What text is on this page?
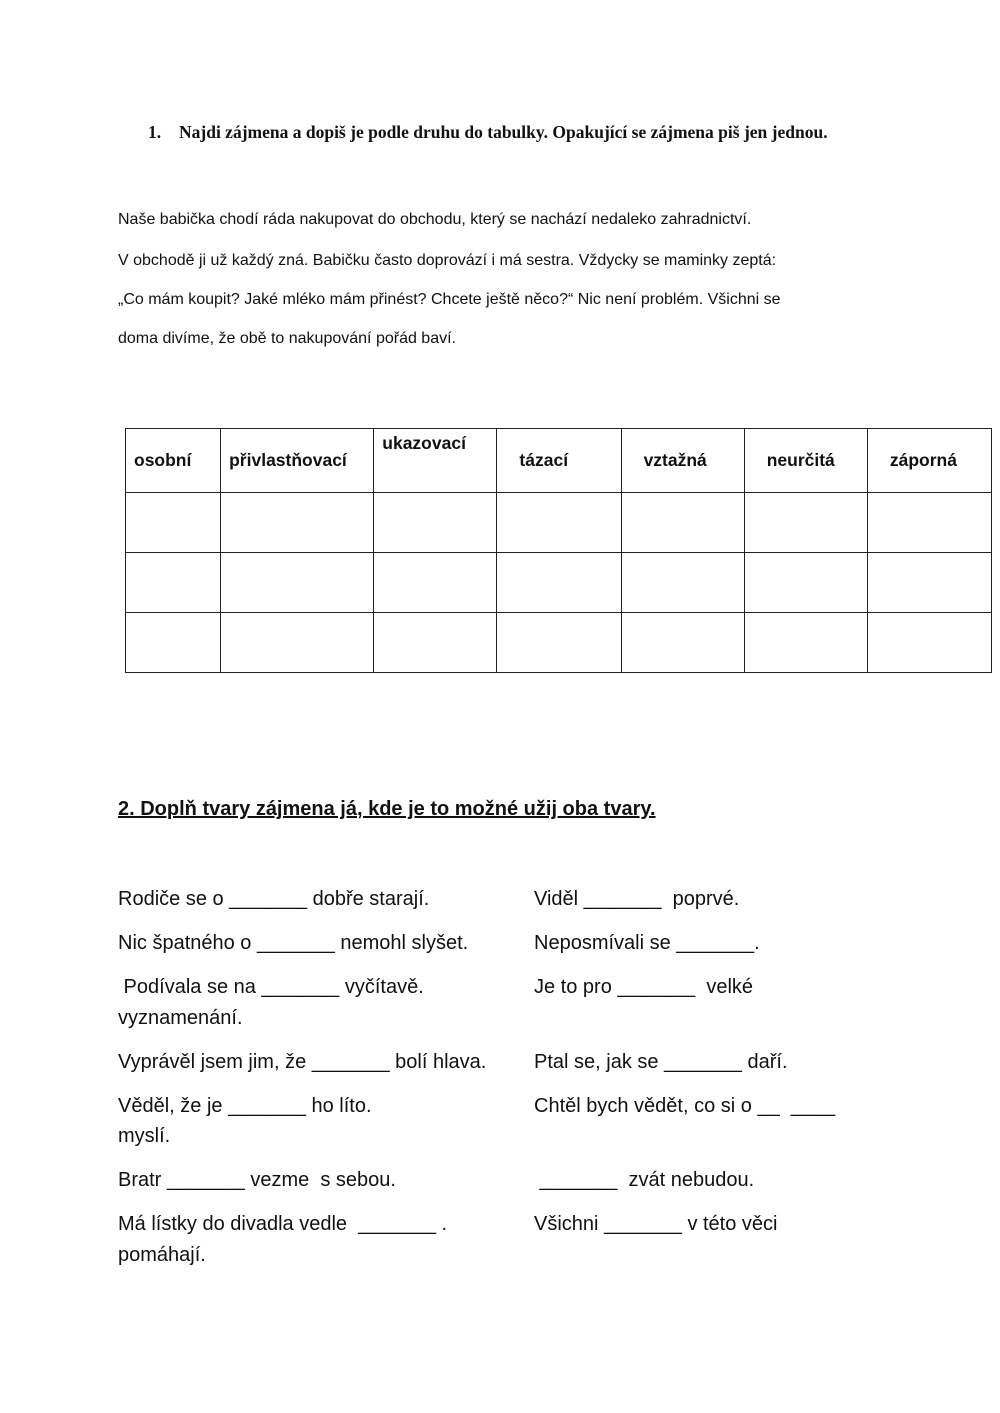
1. Najdi zájmena a dopiš je podle druhu do tabulky. Opakující se zájmena piš jen jednou.
Naše babička chodí ráda nakupovat do obchodu, který se nachází nedaleko zahradnictví.
V obchodě ji už každý zná. Babičku často doprovází i má sestra. Vždycky se maminky zeptá:
„Co mám koupit? Jaké mléko mám přinést? Chcete ještě něco?“ Nic není problém. Všichni se
doma divíme, že obě to nakupování pořád baví.
osobní	přivlastňovací	ukazovací	tázací	vztažná	neurčitá	záporná

2. Doplň tvary zájmena já, kde je to možné užij oba tvary.
Rodiče se o _______ dobře starají.
Nic špatného o _______ nemohl slyšet.
Podívala se na _______ vyčítavě.
vyznamenání.
Vyprávěl jsem jim, že _______ bolí hlava.
Věděl, že je _______ ho líto.
myslí.
Bratr _______ vezme  s sebou.
Má lístky do divadla vedle  _______ .
pomáhají.
Viděl _______  poprvé.
Neposmívali se _______.
Je to pro _______  velké
Ptal se, jak se _______ daří.
Chtěl bych vědět, co si o __  ____
_______  zvát nebudou.
Všichni _______ v této věci
